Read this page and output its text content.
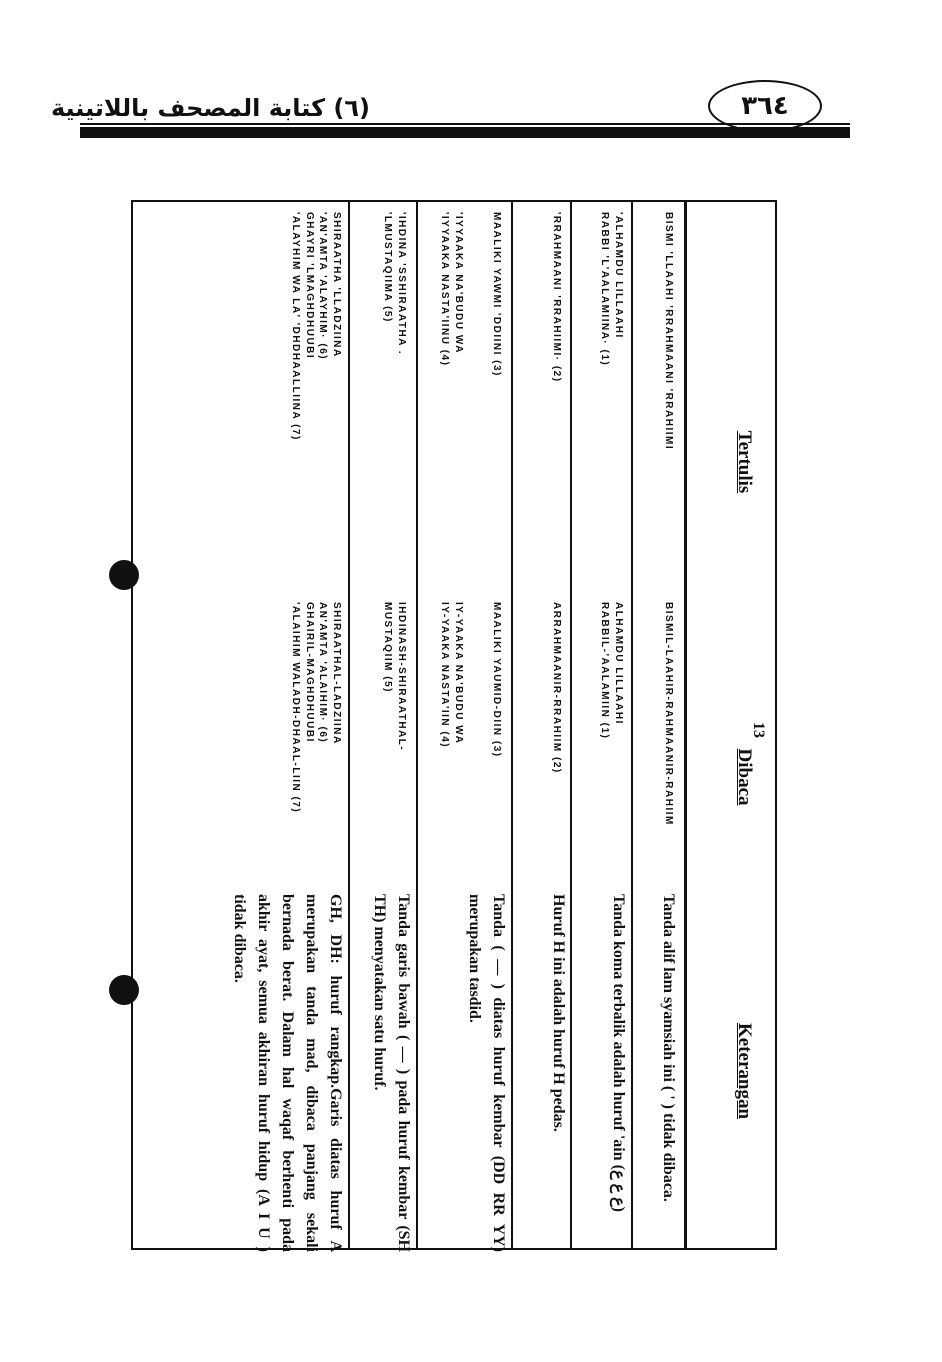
(٦) كتابة المصحف باللاتينية	٣٦٤
13
Tertulis
Dibaca
Keterangan
BISMI 'LLAAHI 'RRAHMAANI 'RRAHIIMI
BISMIL-LAAHIR-RAHMAANIR-RAHIIM
Tanda alif lam syamsiah ini ( ' ) tidak dibaca.
'ALHAMDU LILLAAHI
RABBI 'L'AALAMIINA· (1)
ALHAMDU LILLAAHI
RABBIL-'AALAMIIN (1)
Tanda koma terbalik adalah huruf 'ain (ع ع ع)
'RRAHMAANI 'RRAHIIMI· (2)
ARRAHMAANIR-RRAHIIM (2)
Huruf H ini adalah huruf H pedas.
MAALIKI YAWMI 'DDIINI (3)
MAALIKI YAUMID-DIIN (3)
Tanda ( — ) diatas huruf kembar (DD RR YY) merupakan tasdid.
'IYYAAKA NA'BUDU WA
'IYYAAKA NASTA'IINU (4)
IY-YAAKA NA'BUDU WA
IY-YAAKA NASTA'IIN (4)
'IHDINA 'SSHIRAATHA .
'LMUSTAQIIMA (5)
IHDINASH-SHIRAATHAL-
MUSTAQIIM (5)
Tanda garis bawah ( — ) pada huruf kembar (SH TH) menyatakan satu huruf.
SHIRAATHA 'LLADZIINA
'AN'AMTA 'ALAYHIM· (6)
GHAYRI 'LMAGHDHUUBI
'ALAYHIM WA LA' 'DHDHAALLIINA (7)
SHIRAATHAL-LADZIINA
AN'AMTA 'ALAIHIM· (6)
GHAIRIL-MAGHDHUUBI
'ALAIHIM WALADH-DHAAL-LIIN (7)
GH, DH: huruf rangkap.Garis diatas huruf A merupakan tanda mad, dibaca panjang sekali bernada berat. Dalam hal waqaf berhenti pada akhir ayat, semua akhiran huruf hidup (A I U ) tidak dibaca.
